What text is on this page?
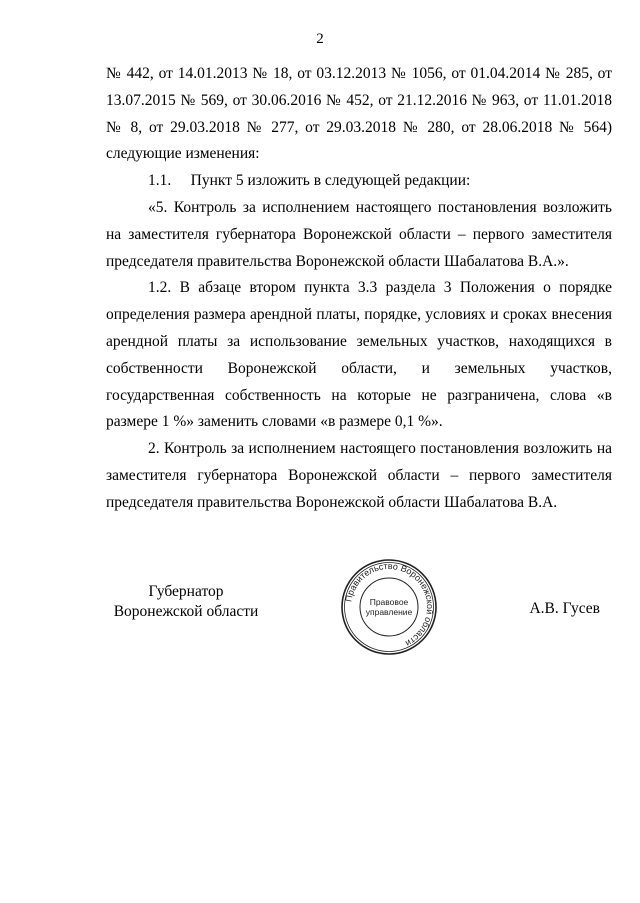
2

№ 442, от 14.01.2013 № 18, от 03.12.2013 № 1056, от 01.04.2014 № 285, от 13.07.2015 № 569, от 30.06.2016 № 452, от 21.12.2016 № 963, от 11.01.2018 № 8, от 29.03.2018 № 277, от 29.03.2018 № 280, от 28.06.2018 № 564) следующие изменения:

1.1.     Пункт 5 изложить в следующей редакции:

«5. Контроль за исполнением настоящего постановления возложить на заместителя губернатора Воронежской области – первого заместителя председателя правительства Воронежской области Шабалатова В.А.».

1.2. В абзаце втором пункта 3.3 раздела 3 Положения о порядке определения размера арендной платы, порядке, условиях и сроках внесения арендной платы за использование земельных участков, находящихся в собственности Воронежской области, и земельных участков, государственная собственность на которые не разграничена, слова «в размере 1 %» заменить словами «в размере 0,1 %».

2. Контроль за исполнением настоящего постановления возложить на заместителя губернатора Воронежской области – первого заместителя председателя правительства Воронежской области Шабалатова В.А.

Губернатор
Воронежской области
Правительство Воронежской области
Правовое
управление	А.В. Гусев
